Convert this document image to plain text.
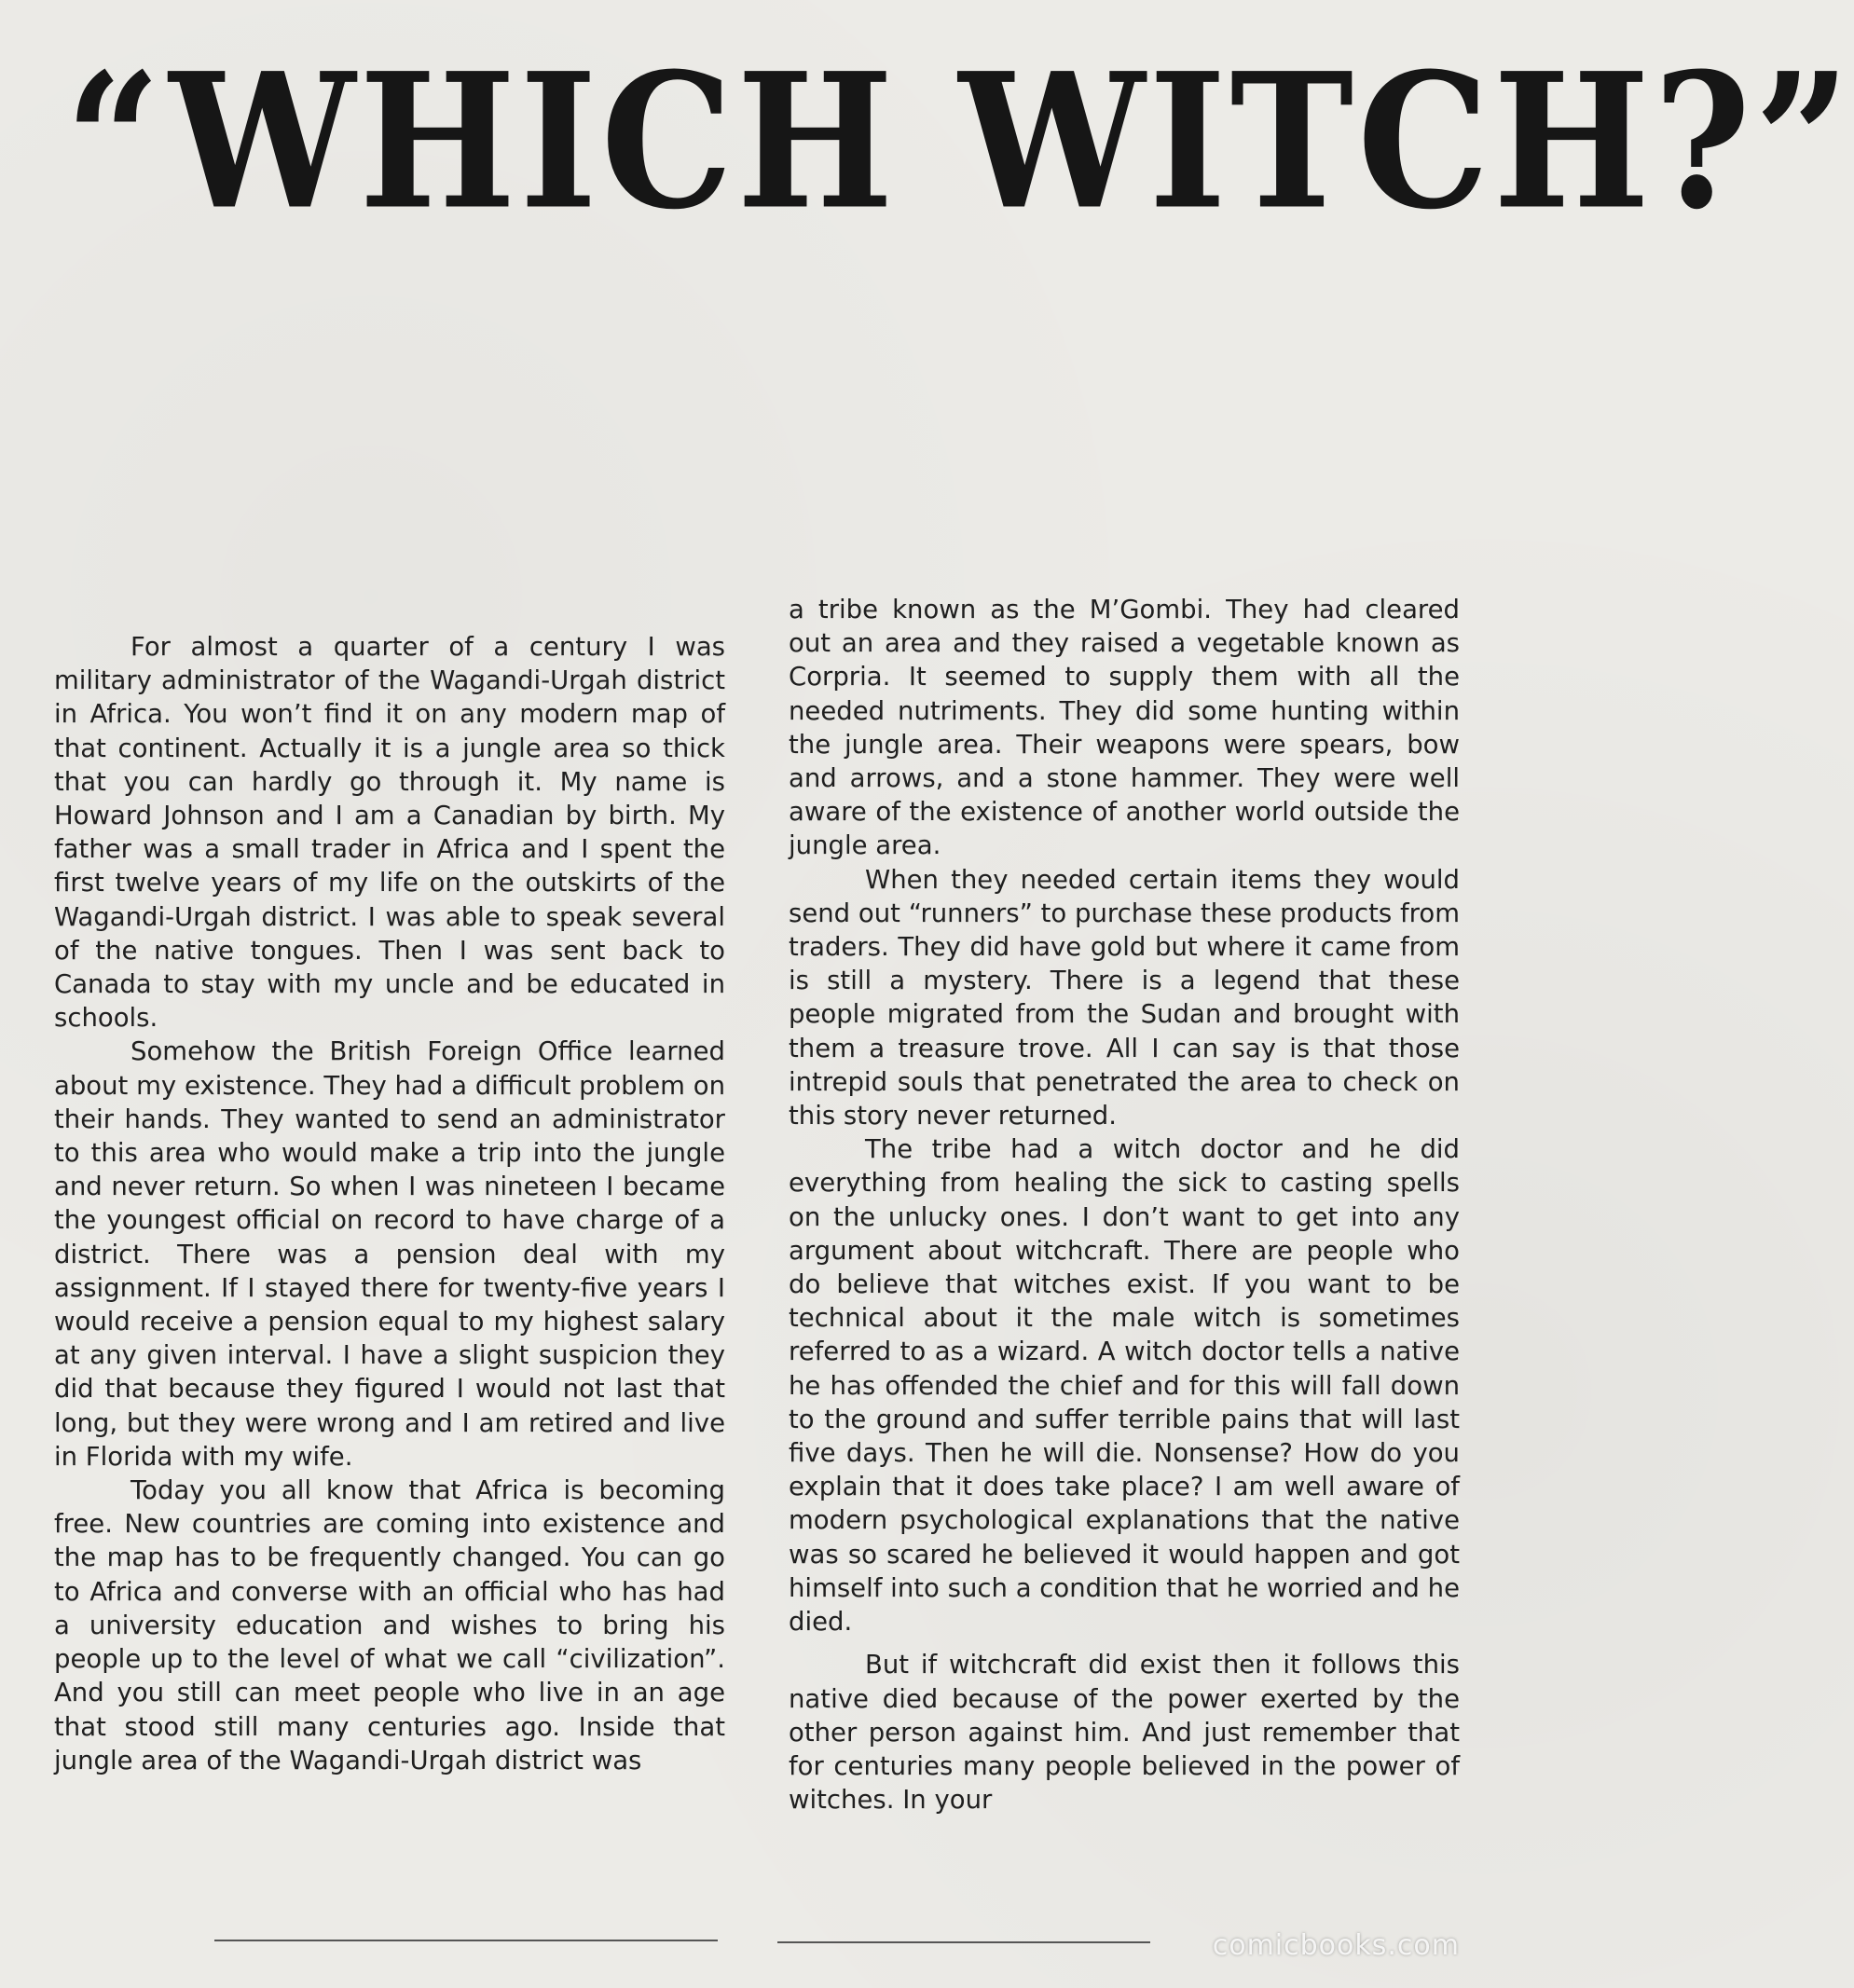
“WHICH WITCH?”

For almost a quarter of a century I was military administrator of the Wagandi-Urgah district in Africa. You won’t find it on any modern map of that continent. Actually it is a jungle area so thick that you can hardly go through it. My name is Howard Johnson and I am a Canadian by birth. My father was a small trader in Africa and I spent the first twelve years of my life on the outskirts of the Wagandi-Urgah district. I was able to speak several of the native tongues. Then I was sent back to Canada to stay with my uncle and be educated in schools.

Somehow the British Foreign Office learned about my existence. They had a difficult problem on their hands. They wanted to send an administrator to this area who would make a trip into the jungle and never return. So when I was nineteen I became the youngest official on record to have charge of a district. There was a pension deal with my assignment. If I stayed there for twenty-five years I would receive a pension equal to my highest salary at any given interval. I have a slight suspicion they did that because they figured I would not last that long, but they were wrong and I am retired and live in Florida with my wife.

Today you all know that Africa is becoming free. New countries are coming into existence and the map has to be frequently changed. You can go to Africa and converse with an official who has had a university education and wishes to bring his people up to the level of what we call “civilization”. And you still can meet people who live in an age that stood still many centuries ago. Inside that jungle area of the Wagandi-Urgah district was

a tribe known as the M’Gombi. They had cleared out an area and they raised a vegetable known as Corpria. It seemed to supply them with all the needed nutriments. They did some hunting within the jungle area. Their weapons were spears, bow and arrows, and a stone hammer. They were well aware of the existence of another world outside the jungle area.

When they needed certain items they would send out “runners” to purchase these products from traders. They did have gold but where it came from is still a mystery. There is a legend that these people migrated from the Sudan and brought with them a treasure trove. All I can say is that those intrepid souls that penetrated the area to check on this story never returned.

The tribe had a witch doctor and he did everything from healing the sick to casting spells on the unlucky ones. I don’t want to get into any argument about witchcraft. There are people who do believe that witches exist. If you want to be technical about it the male witch is sometimes referred to as a wizard. A witch doctor tells a native he has offended the chief and for this will fall down to the ground and suffer terrible pains that will last five days. Then he will die. Nonsense? How do you explain that it does take place? I am well aware of modern psychological explanations that the native was so scared he believed it would happen and got himself into such a condition that he worried and he died.

But if witchcraft did exist then it follows this native died because of the power exerted by the other person against him. And just remember that for centuries many people believed in the power of witches. In your

comicbooks.com
